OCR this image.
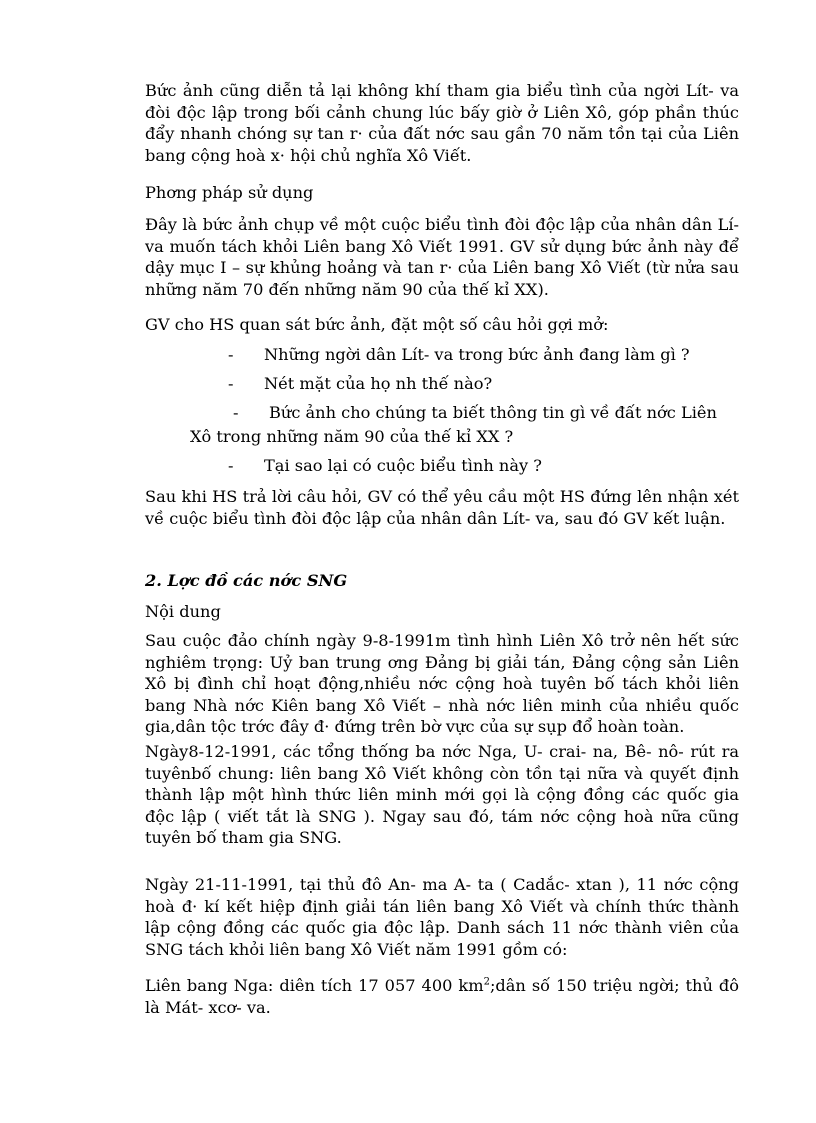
Bức ảnh cũng diễn tả lại không khí tham gia biểu tình của ngời Lít- va đòi độc lập trong bối cảnh chung lúc bấy giờ ở Liên Xô, góp phần thúc đẩy nhanh chóng sự tan r· của đất nớc sau gần 70 năm tồn tại của Liên bang cộng hoà x· hội chủ nghĩa Xô Viết.

Phơng pháp sử dụng

Đây là bức ảnh chụp về một cuộc biểu tình đòi độc lập của nhân dân Lí-va muốn tách khỏi Liên bang Xô Viết 1991. GV sử dụng bức ảnh này để dậy mục I – sự khủng hoảng và tan r· của Liên bang Xô Viết (từ nửa sau những năm 70 đến những năm 90 của thế kỉ XX).

GV cho HS quan sát bức ảnh, đặt một số câu hỏi gợi mở:

-	Những ngời dân Lít- va trong bức ảnh đang làm gì ?
-	Nét mặt của họ nh thế nào?
-	Bức ảnh cho chúng ta biết thông tin gì về đất nớc Liên
Xô trong những năm 90 của thế kỉ XX ?
-	Tại sao lại có cuộc biểu tình này ?

Sau khi HS trả lời câu hỏi, GV có thể yêu cầu một HS đứng lên nhận xét về cuộc biểu tình đòi độc lập của nhân dân Lít- va, sau đó GV kết luận.

2. Lợc đồ các nớc SNG

Nội dung

Sau cuộc đảo chính ngày 9-8-1991m tình hình Liên Xô trở nên hết sức nghiêm trọng: Uỷ ban trung ơng Đảng bị giải tán, Đảng cộng sản Liên Xô bị đình chỉ hoạt động,nhiều nớc cộng hoà tuyên bố tách khỏi liên bang Nhà nớc Kiên bang Xô Viết – nhà nớc liên minh của nhiều quốc gia,dân tộc trớc đây đ· đứng trên bờ vực của sự sụp đổ hoàn toàn.

Ngày8-12-1991, các tổng thống ba nớc Nga, U- crai- na, Bê- nô- rút ra tuyênbố chung: liên bang Xô Viết không còn tồn tại nữa và quyết định thành lập một hình thức liên minh mới gọi là cộng đồng các quốc gia độc lập ( viết tắt là SNG ). Ngay sau đó, tám nớc cộng hoà nữa cũng tuyên bố tham gia SNG.

Ngày 21-11-1991, tại thủ đô An- ma A- ta ( Cadắc- xtan ), 11 nớc cộng hoà đ· kí kết hiệp định giải tán liên bang Xô Viết và chính thức thành lập cộng đồng các quốc gia độc lập. Danh sách 11 nớc thành viên của SNG tách khỏi liên bang Xô Viết năm 1991 gồm có:

Liên bang Nga: diên tích 17 057 400 $km^2;dân$ số 150 triệu ngời; thủ đô là Mát- xcơ- va.
